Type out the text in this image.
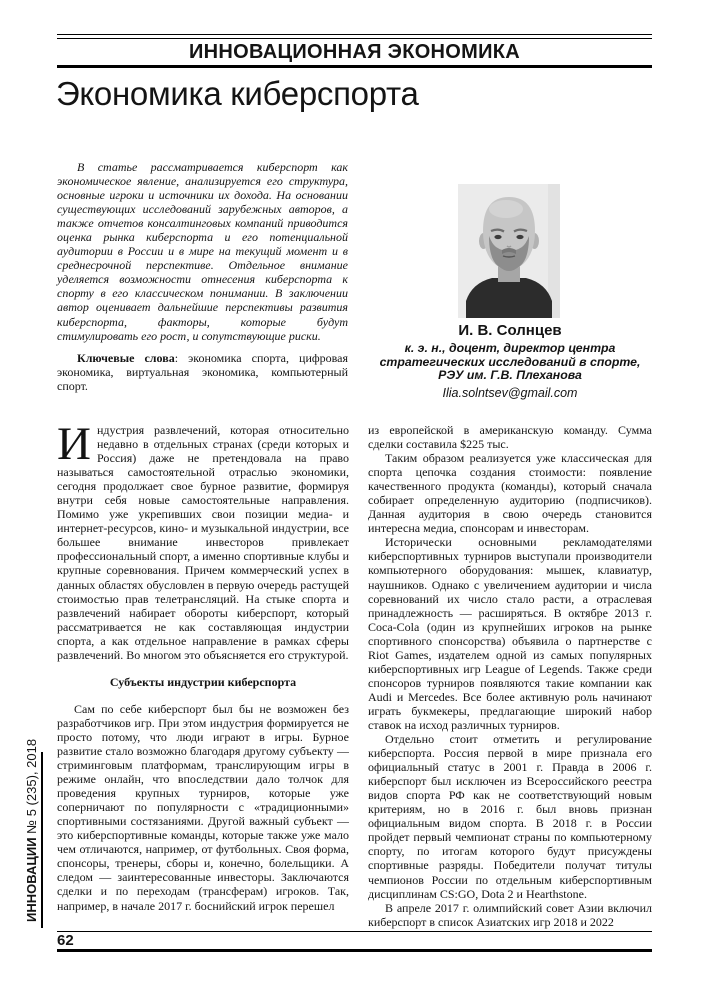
ИННОВАЦИОННАЯ ЭКОНОМИКА
Экономика киберспорта
В статье рассматривается киберспорт как экономическое явление, анализируется его структура, основные игроки и источники их дохода. На основании существующих исследований зарубежных авторов, а также отчетов консалтинговых компаний приводится оценка рынка киберспорта и его потенциальной аудитории в России и в мире на текущий момент и в среднесрочной перспективе. Отдельное внимание уделяется возможности отнесения киберспорта к спорту в его классическом понимании. В заключении автор оценивает дальнейшие перспективы развития киберспорта, факторы, которые будут стимулировать его рост, и сопутствующие риски.
Ключевые слова: экономика спорта, цифровая экономика, виртуальная экономика, компьютерный спорт.
И. В. Солнцев
к. э. н., доцент, директор центра
стратегических исследований в спорте,
РЭУ им. Г.В. Плеханова
Ilia.solntsev@gmail.com

Индустрия развлечений, которая относительно недавно в отдельных странах (среди которых и Россия) даже не претендовала на право называться самостоятельной отраслью экономики, сегодня продолжает свое бурное развитие, формируя внутри себя новые самостоятельные направления. Помимо уже укрепивших свои позиции медиа- и интернет-ресурсов, кино- и музыкальной индустрии, все большее внимание инвесторов привлекает профессиональный спорт, а именно спортивные клубы и крупные соревнования. Причем коммерческий успех в данных областях обусловлен в первую очередь растущей стоимостью прав телетрансляций. На стыке спорта и развлечений набирает обороты киберспорт, который рассматривается не как составляющая индустрии спорта, а как отдельное направление в рамках сферы развлечений. Во многом это объясняется его структурой.

Субъекты индустрии киберспорта

Сам по себе киберспорт был бы не возможен без разработчиков игр. При этом индустрия формируется не просто потому, что люди играют в игры. Бурное развитие стало возможно благодаря другому субъекту — стриминговым платформам, транслирующим игры в режиме онлайн, что впоследствии дало толчок для проведения крупных турниров, которые уже соперничают по популярности с «традиционными» спортивными состязаниями. Другой важный субъект — это киберспортивные команды, которые также уже мало чем отличаются, например, от футбольных. Своя форма, спонсоры, тренеры, сборы и, конечно, болельщики. А следом — заинтересованные инвесторы. Заключаются сделки и по переходам (трансферам) игроков. Так, например, в начале 2017 г. боснийский игрок перешел

из европейской в американскую команду. Сумма сделки составила $225 тыс.

Таким образом реализуется уже классическая для спорта цепочка создания стоимости: появление качественного продукта (команды), который сначала собирает определенную аудиторию (подписчиков). Данная аудитория в свою очередь становится интересна медиа, спонсорам и инвесторам.

Исторически основными рекламодателями киберспортивных турниров выступали производители компьютерного оборудования: мышек, клавиатур, наушников. Однако с увеличением аудитории и числа соревнований их число стало расти, а отраслевая принадлежность — расширяться. В октябре 2013 г. Coca-Cola (один из крупнейших игроков на рынке спортивного спонсорства) объявила о партнерстве с Riot Games, издателем одной из самых популярных киберспортивных игр League of Legends. Также среди спонсоров турниров появляются такие компании как Audi и Mercedes. Все более активную роль начинают играть букмекеры, предлагающие широкий набор ставок на исход различных турниров.

Отдельно стоит отметить и регулирование киберспорта. Россия первой в мире признала его официальный статус в 2001 г. Правда в 2006 г. киберспорт был исключен из Всероссийского реестра видов спорта РФ как не соответствующий новым критериям, но в 2016 г. был вновь признан официальным видом спорта. В 2018 г. в России пройдет первый чемпионат страны по компьютерному спорту, по итогам которого будут присуждены спортивные разряды. Победители получат титулы чемпионов России по отдельным киберспортивным дисциплинам CS:GO, Dota 2 и Hearthstone.

В апреле 2017 г. олимпийский совет Азии включил киберспорт в список Азиатских игр 2018 и 2022

ИННОВАЦИИ № 5 (235), 2018
62
